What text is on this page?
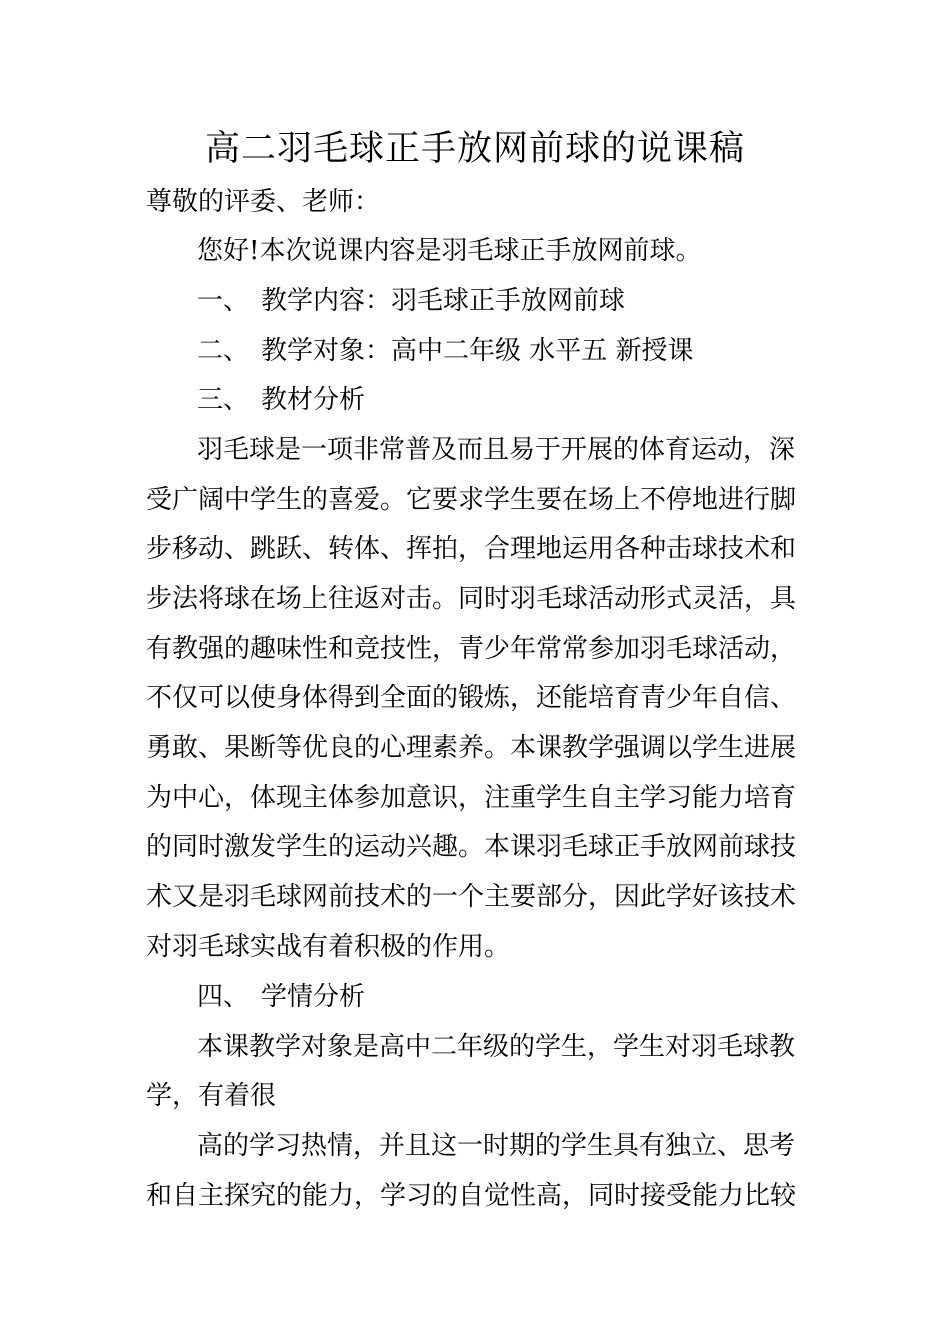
高二羽毛球正手放网前球的说课稿
尊敬的评委、老师：
您好!本次说课内容是羽毛球正手放网前球。
一、 教学内容：羽毛球正手放网前球
二、 教学对象：高中二年级 水平五 新授课
三、 教材分析
羽毛球是一项非常普及而且易于开展的体育运动，深
受广阔中学生的喜爱。它要求学生要在场上不停地进行脚
步移动、跳跃、转体、挥拍，合理地运用各种击球技术和
步法将球在场上往返对击。同时羽毛球活动形式灵活，具
有教强的趣味性和竞技性，青少年常常参加羽毛球活动，
不仅可以使身体得到全面的锻炼，还能培育青少年自信、
勇敢、果断等优良的心理素养。本课教学强调以学生进展
为中心，体现主体参加意识，注重学生自主学习能力培育
的同时激发学生的运动兴趣。本课羽毛球正手放网前球技
术又是羽毛球网前技术的一个主要部分，因此学好该技术
对羽毛球实战有着积极的作用。
四、 学情分析
本课教学对象是高中二年级的学生，学生对羽毛球教
学，有着很
高的学习热情，并且这一时期的学生具有独立、思考
和自主探究的能力，学习的自觉性高，同时接受能力比较
